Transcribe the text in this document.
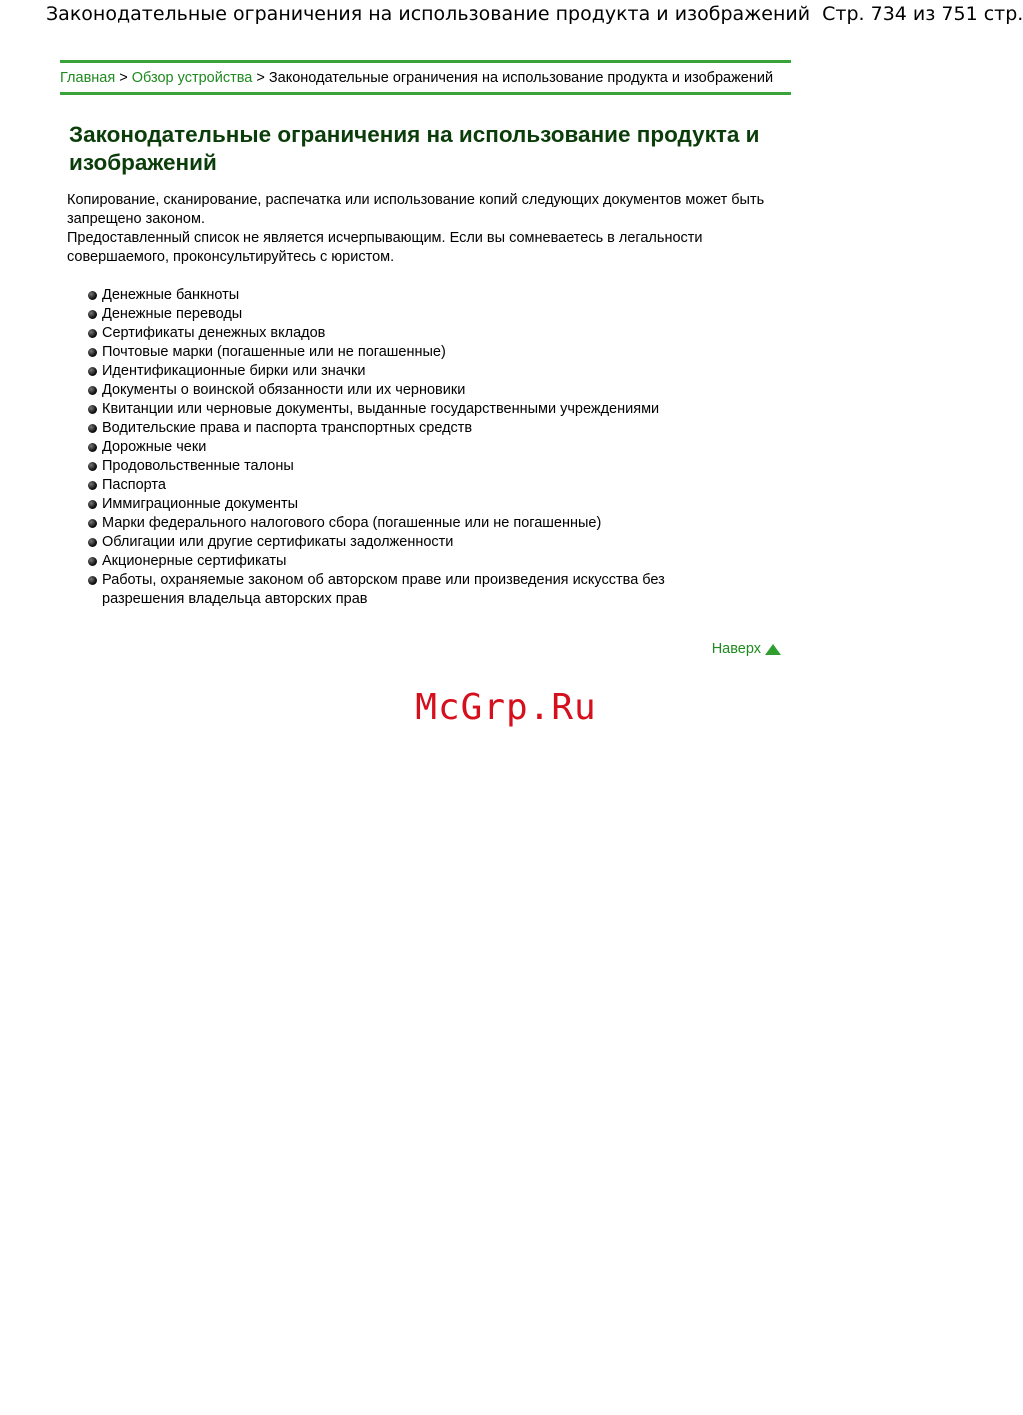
Законодательные ограничения на использование продукта и изображений Стр. 734 из 751 стр.
Главная > Обзор устройства > Законодательные ограничения на использование продукта и изображений
Законодательные ограничения на использование продукта и изображений

Копирование, сканирование, распечатка или использование копий следующих документов может быть запрещено законом.

Предоставленный список не является исчерпывающим. Если вы сомневаетесь в легальности совершаемого, проконсультируйтесь с юристом.

Денежные банкноты
Денежные переводы
Сертификаты денежных вкладов
Почтовые марки (погашенные или не погашенные)
Идентификационные бирки или значки
Документы о воинской обязанности или их черновики
Квитанции или черновые документы, выданные государственными учреждениями
Водительские права и паспорта транспортных средств
Дорожные чеки
Продовольственные талоны
Паспорта
Иммиграционные документы
Марки федерального налогового сбора (погашенные или не погашенные)
Облигации или другие сертификаты задолженности
Акционерные сертификаты
Работы, охраняемые законом об авторском праве или произведения искусства без разрешения владельца авторских прав
Наверх
McGrp.Ru
